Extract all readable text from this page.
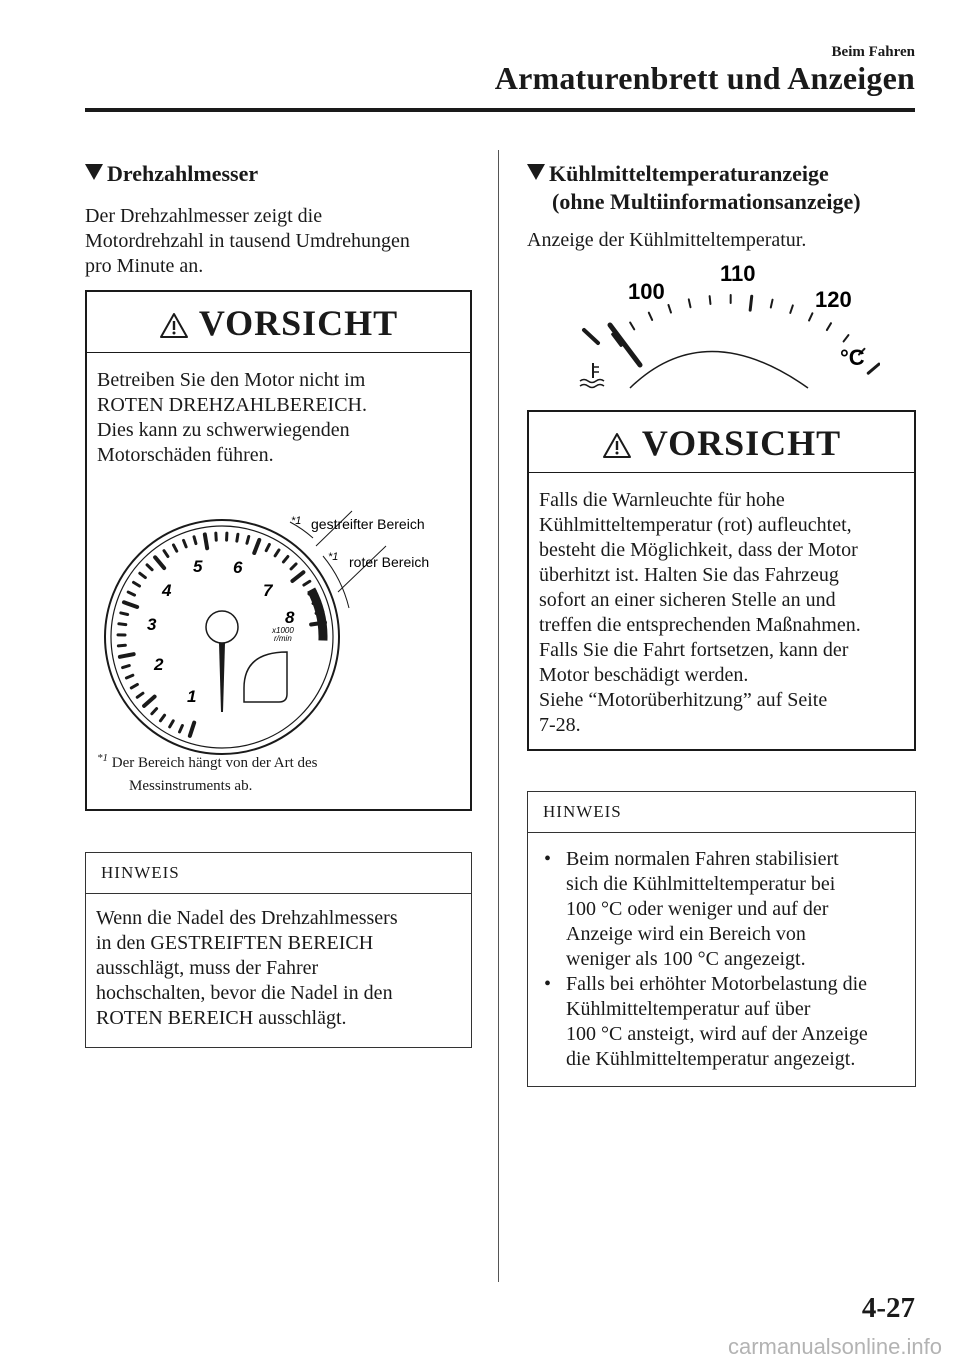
Beim Fahren
Armaturenbrett und Anzeigen
Drehzahlmesser

Der Drehzahlmesser zeigt die
Motordrehzahl in tausend Umdrehungen
pro Minute an.

VORSICHT

Betreiben Sie den Motor nicht im
ROTEN DREHZAHLBEREICH.
Dies kann zu schwerwiegenden
Motorschäden führen.

1
2
3
4
5 6
7
8
x1000
r/min
*1 gestreifter Bereich
*1 roter Bereich
$^{*1}$ Der Bereich hängt von der Art des
Messinstruments ab.
HINWEIS

Wenn die Nadel des Drehzahlmessers
in den GESTREIFTEN BEREICH
ausschlägt, muss der Fahrer
hochschalten, bevor die Nadel in den
ROTEN BEREICH ausschlägt.

Kühlmitteltemperaturanzeige
(ohne Multiinformationsanzeige)

Anzeige der Kühlmitteltemperatur.

100
110
120
°C
VORSICHT

Falls die Warnleuchte für hohe
Kühlmitteltemperatur (rot) aufleuchtet,
besteht die Möglichkeit, dass der Motor
überhitzt ist. Halten Sie das Fahrzeug
sofort an einer sicheren Stelle an und
treffen die entsprechenden Maßnahmen.
Falls Sie die Fahrt fortsetzen, kann der
Motor beschädigt werden.
Siehe “Motorüberhitzung” auf Seite
7-28.

HINWEIS
• Beim normalen Fahren stabilisiert
sich die Kühlmitteltemperatur bei
100 °C oder weniger und auf der
Anzeige wird ein Bereich von
weniger als 100 °C angezeigt.
• Falls bei erhöhter Motorbelastung die
Kühlmitteltemperatur auf über
100 °C ansteigt, wird auf der Anzeige
die Kühlmitteltemperatur angezeigt.
4-27
carmanualsonline.info
